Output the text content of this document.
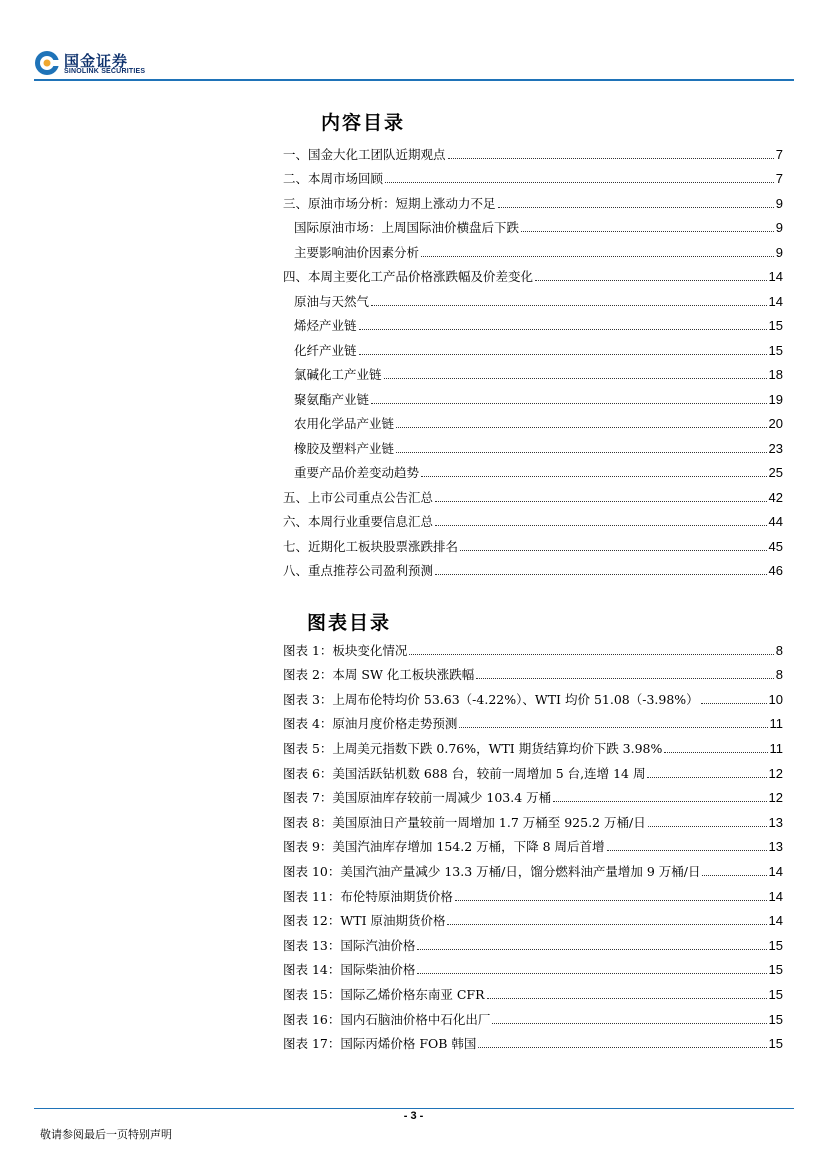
国金证券
SINOLINK SECURITIES
内容目录
一、国金大化工团队近期观点	7
二、本周市场回顾	7
三、原油市场分析：短期上涨动力不足	9
国际原油市场：上周国际油价横盘后下跌	9
主要影响油价因素分析	9
四、本周主要化工产品价格涨跌幅及价差变化	14
原油与天然气	14
烯烃产业链	15
化纤产业链	15
氯碱化工产业链	18
聚氨酯产业链	19
农用化学品产业链	20
橡胶及塑料产业链	23
重要产品价差变动趋势	25
五、上市公司重点公告汇总	42
六、本周行业重要信息汇总	44
七、近期化工板块股票涨跌排名	45
八、重点推荐公司盈利预测	46
图表目录
图表 1：板块变化情况	8
图表 2：本周 SW 化工板块涨跌幅	8
图表 3：上周布伦特均价 53.63（-4.22%）、WTI 均价 51.08（-3.98%）	10
图表 4：原油月度价格走势预测	11
图表 5：上周美元指数下跌 0.76%，WTI 期货结算均价下跌 3.98%	11
图表 6：美国活跃钻机数 688 台，较前一周增加 5 台,连增 14 周	12
图表 7：美国原油库存较前一周减少 103.4 万桶	12
图表 8：美国原油日产量较前一周增加 1.7 万桶至 925.2 万桶/日	13
图表 9：美国汽油库存增加 154.2 万桶，下降 8 周后首增	13
图表 10：美国汽油产量减少 13.3 万桶/日，馏分燃料油产量增加 9 万桶/日	14
图表 11：布伦特原油期货价格	14
图表 12：WTI 原油期货价格	14
图表 13：国际汽油价格	15
图表 14：国际柴油价格	15
图表 15：国际乙烯价格东南亚 CFR	15
图表 16：国内石脑油价格中石化出厂	15
图表 17：国际丙烯价格 FOB 韩国	15
- 3 -
敬请参阅最后一页特别声明
